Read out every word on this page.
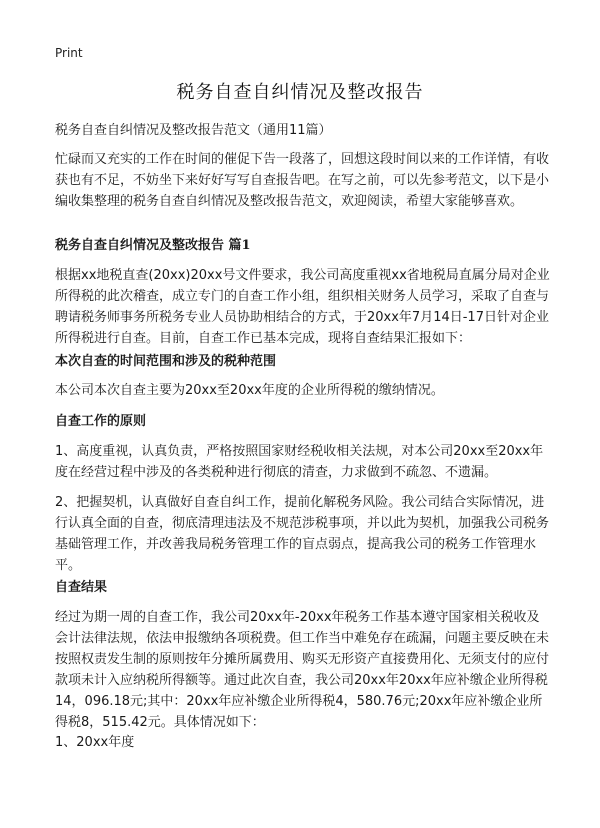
Print
税务自查自纠情况及整改报告
税务自查自纠情况及整改报告范文（通用11篇）

忙碌而又充实的工作在时间的催促下告一段落了，回想这段时间以来的工作详情，有收获也有不足，不妨坐下来好好写写自查报告吧。在写之前，可以先参考范文，以下是小编收集整理的税务自查自纠情况及整改报告范文，欢迎阅读，希望大家能够喜欢。

税务自查自纠情况及整改报告 篇1

根据xx地税直查(20xx)20xx号文件要求，我公司高度重视xx省地税局直属分局对企业所得税的此次稽查，成立专门的自查工作小组，组织相关财务人员学习，采取了自查与聘请税务师事务所税务专业人员协助相结合的方式，于20xx年7月14日-17日针对企业所得税进行自查。目前，自查工作已基本完成，现将自查结果汇报如下：

本次自查的时间范围和涉及的税种范围

本公司本次自查主要为20xx至20xx年度的企业所得税的缴纳情况。

自查工作的原则

1、高度重视，认真负责，严格按照国家财经税收相关法规，对本公司20xx至20xx年度在经营过程中涉及的各类税种进行彻底的清查，力求做到不疏忽、不遗漏。

2、把握契机，认真做好自查自纠工作，提前化解税务风险。我公司结合实际情况，进行认真全面的自查，彻底清理违法及不规范涉税事项，并以此为契机，加强我公司税务基础管理工作，并改善我局税务管理工作的盲点弱点，提高我公司的税务工作管理水平。

自查结果

经过为期一周的自查工作，我公司20xx年-20xx年税务工作基本遵守国家相关税收及会计法律法规，依法申报缴纳各项税费。但工作当中难免存在疏漏，问题主要反映在未按照权责发生制的原则按年分摊所属费用、购买无形资产直接费用化、无须支付的应付款项未计入应纳税所得额等。通过此次自查，我公司20xx年20xx年应补缴企业所得税14，096.18元;其中：20xx年应补缴企业所得税4，580.76元;20xx年应补缴企业所得税8，515.42元。具体情况如下：

1、20xx年度
